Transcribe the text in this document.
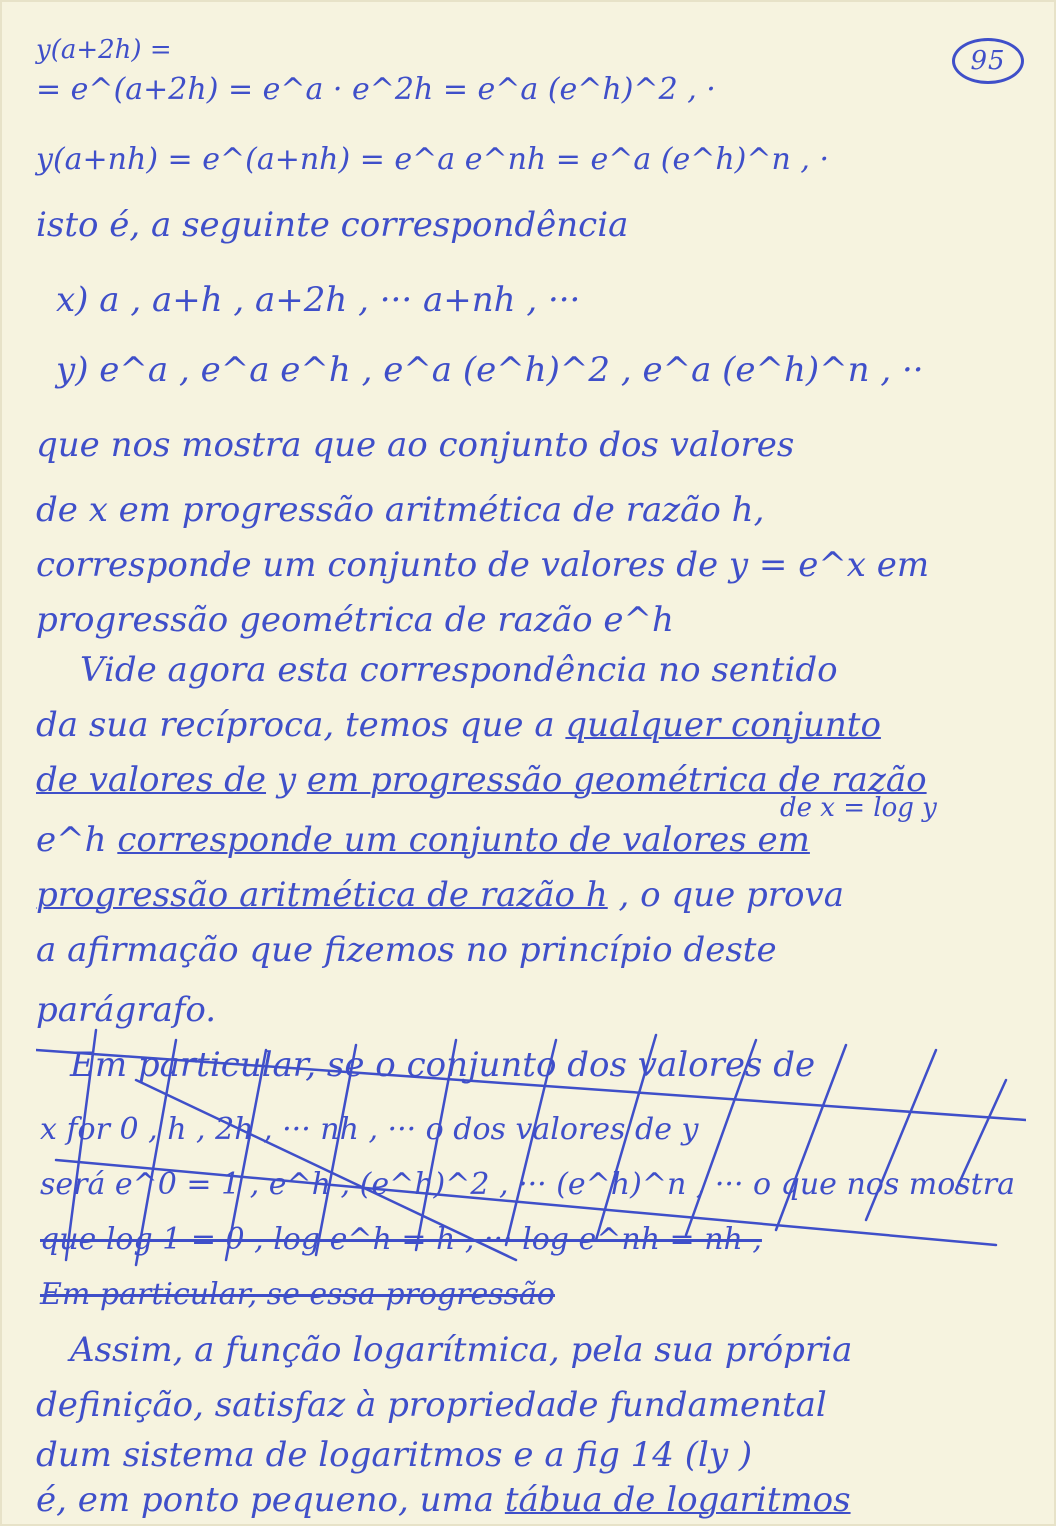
95
y(a+2h) =
= e^(a+2h) = e^a · e^2h = e^a (e^h)^2 , ·
y(a+nh) = e^(a+nh) = e^a e^nh = e^a (e^h)^n , ·
isto é, a seguinte correspondência
x) a , a+h , a+2h , ··· a+nh , ···
y) e^a , e^a e^h , e^a (e^h)^2 , e^a (e^h)^n , ··
que nos mostra que ao conjunto dos valores
de x em progressão aritmética de razão h,
corresponde um conjunto de valores de y = e^x em
progressão geométrica de razão e^h
Vide agora esta correspondência no sentido
da sua recíproca, temos que a qualquer conjunto
de valores de y em progressão geométrica de razão
de x = log y
e^h corresponde um conjunto de valores em
progressão aritmética de razão h , o que prova
a afirmação que fizemos no princípio deste
parágrafo.
Em particular, se o conjunto dos valores de
x for 0 , h , 2h , ··· nh , ··· o dos valores de y
será e^0 = 1 , e^h , (e^h)^2 , ··· (e^h)^n , ··· o que nos mostra
que log 1 = 0 , log e^h = h , ··· log e^nh = nh ,
Em particular, se essa progressão
Assim, a função logarítmica, pela sua própria
definição, satisfaz à propriedade fundamental
dum sistema de logaritmos e a fig 14 (ly )
é, em ponto pequeno, uma tábua de logaritmos
